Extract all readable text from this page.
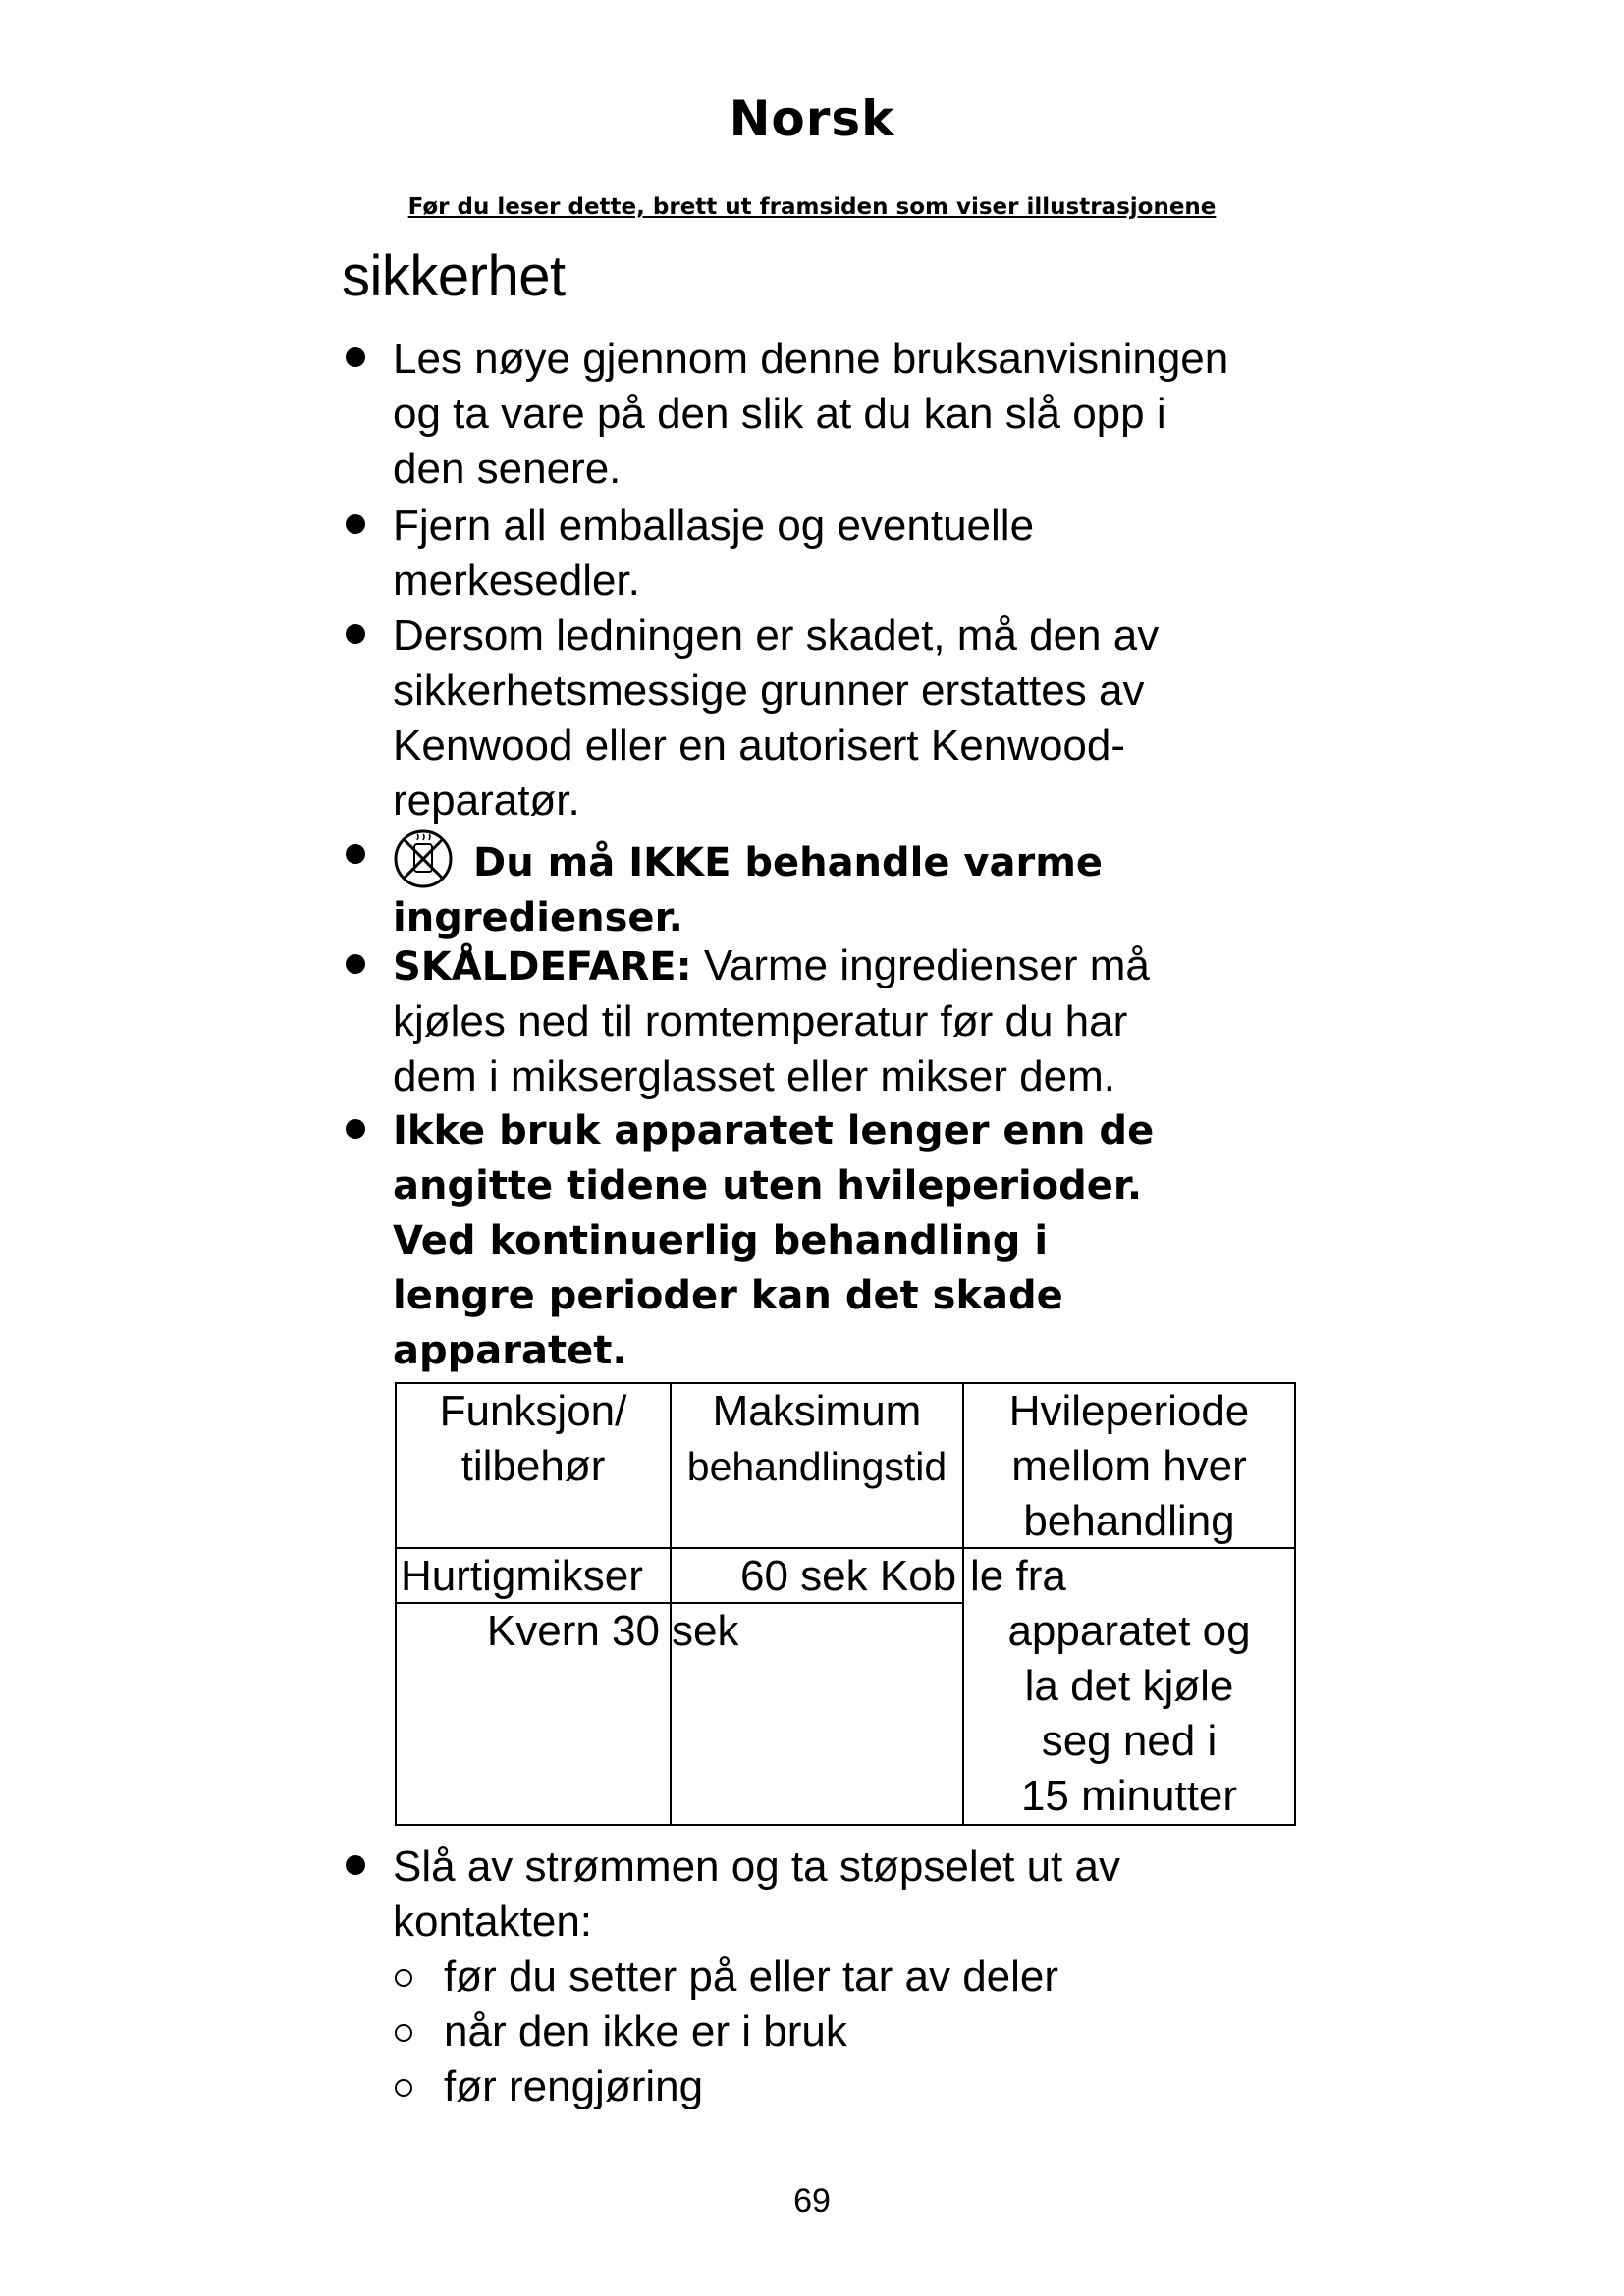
Norsk
Før du leser dette, brett ut framsiden som viser illustrasjonene
sikkerhet
Les nøye gjennom denne bruksanvisningen
og ta vare på den slik at du kan slå opp i
den senere.
Fjern all emballasje og eventuelle
merkesedler.
Dersom ledningen er skadet, må den av
sikkerhetsmessige grunner erstattes av
Kenwood eller en autorisert Kenwood-
reparatør.
Du må IKKE behandle varme
ingredienser.
SKÅLDEFARE: Varme ingredienser må
kjøles ned til romtemperatur før du har
dem i mikserglasset eller mikser dem.
Ikke bruk apparatet lenger enn de
angitte tidene uten hvileperioder.
Ved kontinuerlig behandling i
lengre perioder kan det skade
apparatet.
Funksjon/
tilbehør
Maksimum
behandlingstid
Hvileperiode
mellom hver
behandling
Hurtigmikser 60 sek Kob le fra
Kvern 30 sek	apparatet og
la det kjøle
seg ned i
15 minutter
Slå av strømmen og ta støpselet ut av
kontakten:
før du setter på eller tar av deler
når den ikke er i bruk
før rengjøring
69
